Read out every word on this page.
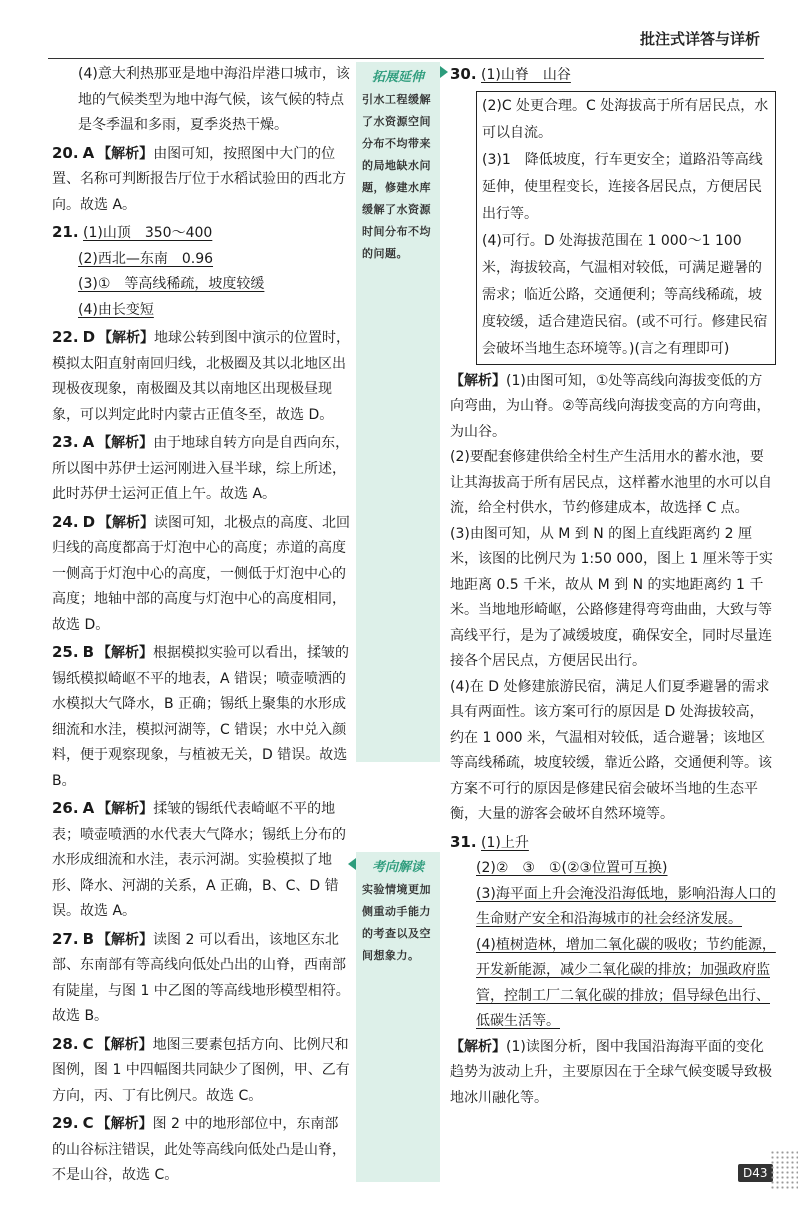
批注式详答与详析
拓展延伸
引水工程缓解了水资源空间分布不均带来的局地缺水问题，修建水库缓解了水资源时间分布不均的问题。
考向解读
实验情境更加侧重动手能力的考查以及空间想象力。
(4)意大利热那亚是地中海沿岸港口城市，该地的气候类型为地中海气候，该气候的特点是冬季温和多雨，夏季炎热干燥。
20. A 【解析】由图可知，按照图中大门的位置、名称可判断报告厅位于水稻试验田的西北方向。故选 A。
21. (1)山顶　350～400
(2)西北—东南　0.96
(3)①　等高线稀疏，坡度较缓
(4)由长变短
22. D 【解析】地球公转到图中演示的位置时，模拟太阳直射南回归线，北极圈及其以北地区出现极夜现象，南极圈及其以南地区出现极昼现象，可以判定此时内蒙古正值冬至，故选 D。
23. A 【解析】由于地球自转方向是自西向东，所以图中苏伊士运河刚进入昼半球，综上所述，此时苏伊士运河正值上午。故选 A。
24. D 【解析】读图可知，北极点的高度、北回归线的高度都高于灯泡中心的高度；赤道的高度一侧高于灯泡中心的高度，一侧低于灯泡中心的高度；地轴中部的高度与灯泡中心的高度相同，故选 D。
25. B 【解析】根据模拟实验可以看出，揉皱的锡纸模拟崎岖不平的地表，A 错误；喷壶喷洒的水模拟大气降水，B 正确；锡纸上聚集的水形成细流和水洼，模拟河湖等，C 错误；水中兑入颜料，便于观察现象，与植被无关，D 错误。故选 B。
26. A 【解析】揉皱的锡纸代表崎岖不平的地表；喷壶喷洒的水代表大气降水；锡纸上分布的水形成细流和水洼，表示河湖。实验模拟了地形、降水、河湖的关系，A 正确，B、C、D 错误。故选 A。
27. B 【解析】读图 2 可以看出，该地区东北部、东南部有等高线向低处凸出的山脊，西南部有陡崖，与图 1 中乙图的等高线地形模型相符。故选 B。
28. C 【解析】地图三要素包括方向、比例尺和图例，图 1 中四幅图共同缺少了图例，甲、乙有方向，丙、丁有比例尺。故选 C。
29. C 【解析】图 2 中的地形部位中，东南部的山谷标注错误，此处等高线向低处凸是山脊，不是山谷，故选 C。
30. (1)山脊　山谷
(2)C 处更合理。C 处海拔高于所有居民点，水可以自流。
(3)1　降低坡度，行车更安全；道路沿等高线延伸，使里程变长，连接各居民点，方便居民出行等。
(4)可行。D 处海拔范围在 1 000～1 100 米，海拔较高，气温相对较低，可满足避暑的需求；临近公路，交通便利；等高线稀疏，坡度较缓，适合建造民宿。(或不可行。修建民宿会破坏当地生态环境等。)(言之有理即可)
【解析】(1)由图可知，①处等高线向海拔变低的方向弯曲，为山脊。②等高线向海拔变高的方向弯曲，为山谷。
(2)要配套修建供给全村生产生活用水的蓄水池，要让其海拔高于所有居民点，这样蓄水池里的水可以自流，给全村供水，节约修建成本，故选择 C 点。
(3)由图可知，从 M 到 N 的图上直线距离约 2 厘米，该图的比例尺为 1:50 000，图上 1 厘米等于实地距离 0.5 千米，故从 M 到 N 的实地距离约 1 千米。当地地形崎岖，公路修建得弯弯曲曲，大致与等高线平行，是为了减缓坡度，确保安全，同时尽量连接各个居民点，方便居民出行。
(4)在 D 处修建旅游民宿，满足人们夏季避暑的需求具有两面性。该方案可行的原因是 D 处海拔较高，约在 1 000 米，气温相对较低，适合避暑；该地区等高线稀疏，坡度较缓，靠近公路，交通便利等。该方案不可行的原因是修建民宿会破坏当地的生态平衡，大量的游客会破坏自然环境等。
31. (1)上升
(2)②　③　①(②③位置可互换)
(3)海平面上升会淹没沿海低地，影响沿海人口的生命财产安全和沿海城市的社会经济发展。
(4)植树造林，增加二氧化碳的吸收；节约能源，开发新能源，减少二氧化碳的排放；加强政府监管，控制工厂二氧化碳的排放；倡导绿色出行、低碳生活等。
【解析】(1)读图分析，图中我国沿海海平面的变化趋势为波动上升，主要原因在于全球气候变暖导致极地冰川融化等。
D43
